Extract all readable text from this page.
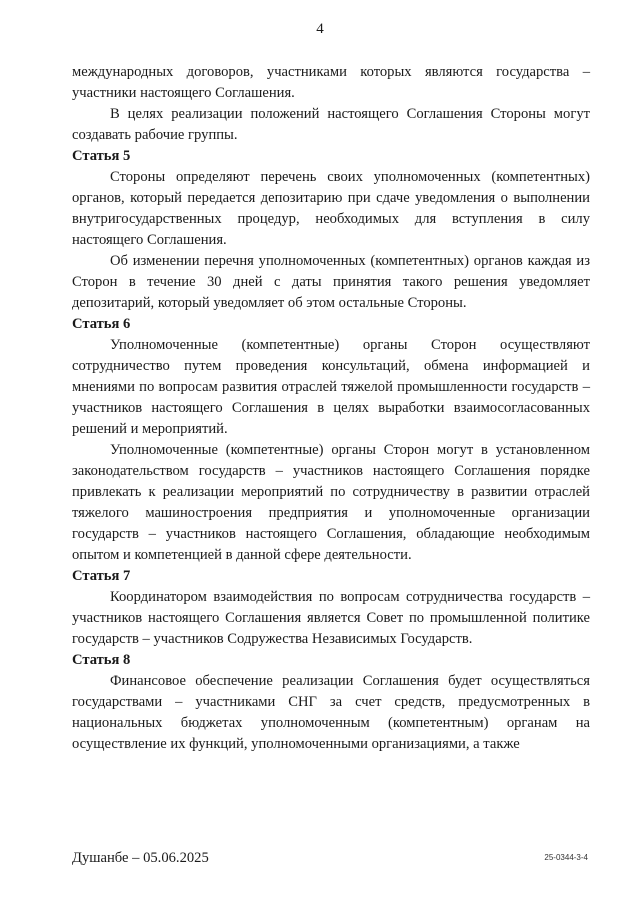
4

международных договоров, участниками которых являются государства – участники настоящего Соглашения.

В целях реализации положений настоящего Соглашения Стороны могут создавать рабочие группы.

Статья 5

Стороны определяют перечень своих уполномоченных (компетентных) органов, который передается депозитарию при сдаче уведомления о выполнении внутригосударственных процедур, необходимых для вступления в силу настоящего Соглашения.

Об изменении перечня уполномоченных (компетентных) органов каждая из Сторон в течение 30 дней с даты принятия такого решения уведомляет депозитарий, который уведомляет об этом остальные Стороны.

Статья 6

Уполномоченные (компетентные) органы Сторон осуществляют сотрудничество путем проведения консультаций, обмена информацией и мнениями по вопросам развития отраслей тяжелой промышленности государств – участников настоящего Соглашения в целях выработки взаимосогласованных решений и мероприятий.

Уполномоченные (компетентные) органы Сторон могут в установленном законодательством государств – участников настоящего Соглашения порядке привлекать к реализации мероприятий по сотрудничеству в развитии отраслей тяжелого машиностроения предприятия и уполномоченные организации государств – участников настоящего Соглашения, обладающие необходимым опытом и компетенцией в данной сфере деятельности.

Статья 7

Координатором взаимодействия по вопросам сотрудничества государств – участников настоящего Соглашения является Совет по промышленной политике государств – участников Содружества Независимых Государств.

Статья 8

Финансовое обеспечение реализации Соглашения будет осуществляться государствами – участниками СНГ за счет средств, предусмотренных в национальных бюджетах уполномоченным (компетентным) органам на осуществление их функций, уполномоченными организациями, а также

Душанбе – 05.06.2025	25-0344-3-4
